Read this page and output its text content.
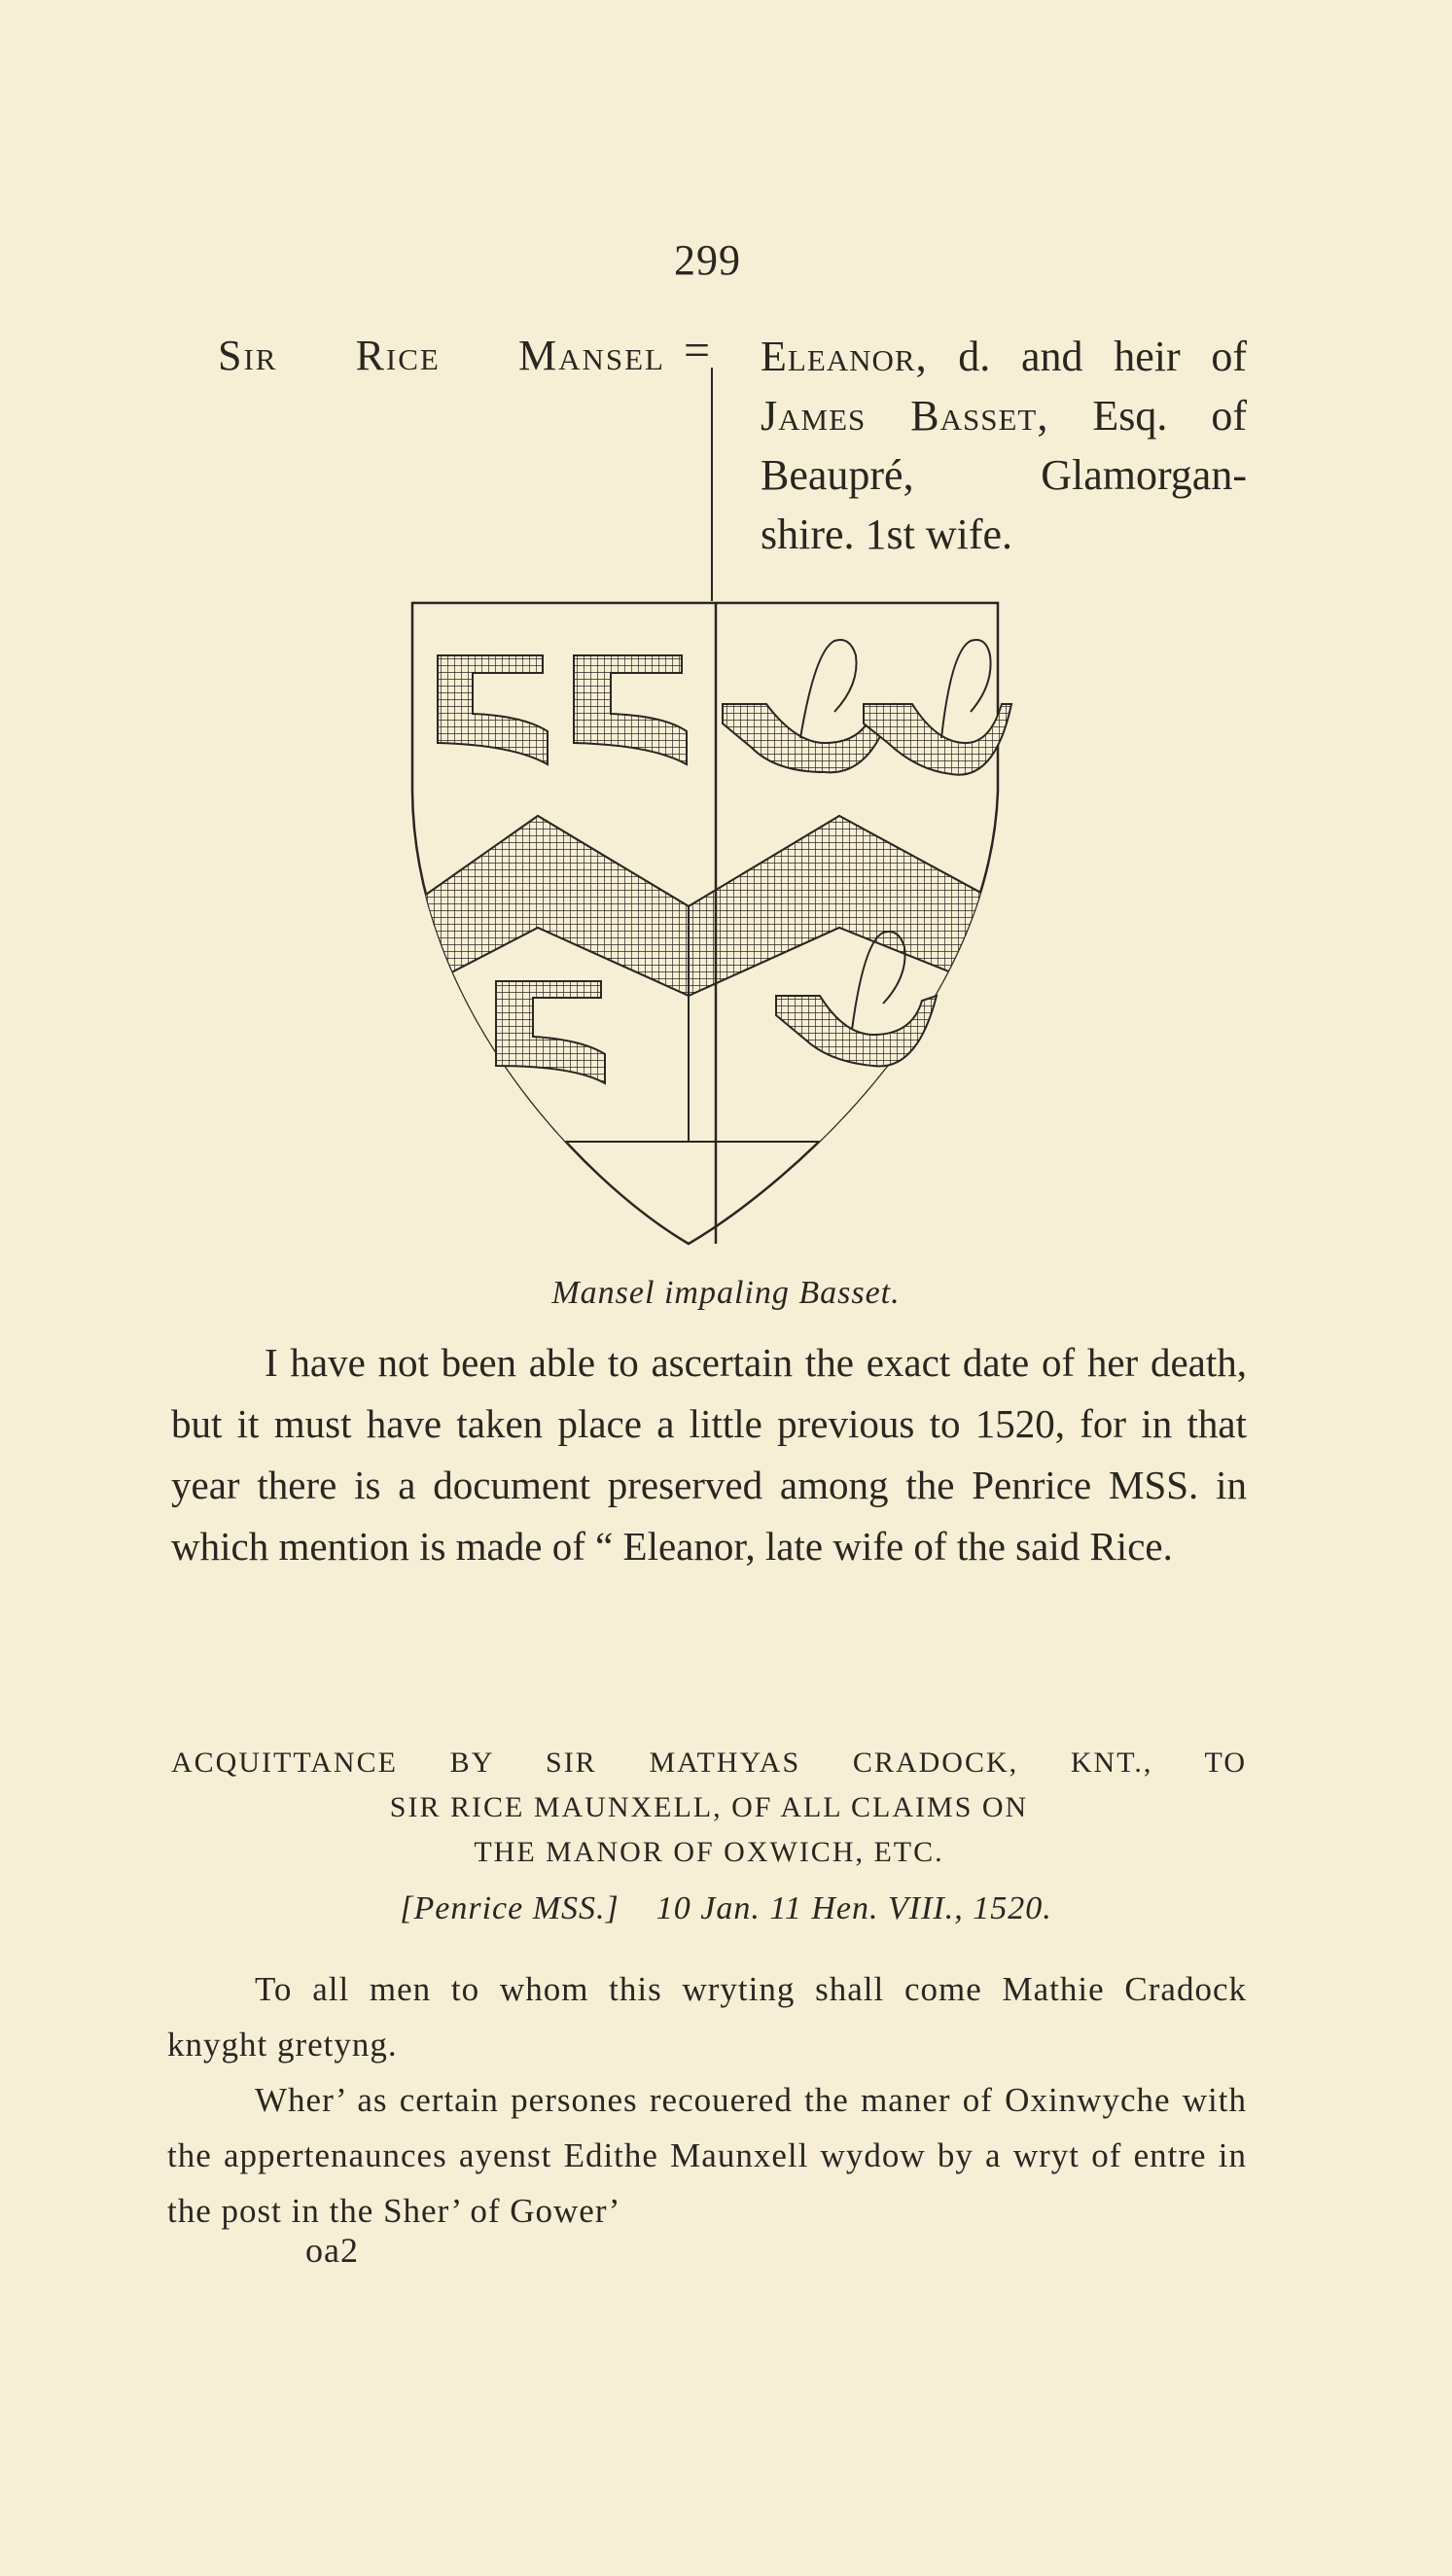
299
Sir Rice Mansel = Eleanor, d. and heir of
James Basset, Esq. of
Beaupré, Glamorgan-
shire. 1st wife.
Mansel impaling Basset.
I have not been able to ascertain the exact date of her death, but it must have taken place a little previous to 1520, for in that year there is a document preserved among the Penrice MSS. in which mention is made of “ Eleanor, late wife of the said Rice.
ACQUITTANCE BY SIR MATHYAS CRADOCK, KNT., TO
SIR RICE MAUNXELL, OF ALL CLAIMS ON
THE MANOR OF OXWICH, ETC.
[Penrice MSS.] 10 Jan. 11 Hen. VIII., 1520.

To all men to whom this wryting shall come Mathie Cradock knyght gretyng.

Wher’ as certain persones recouered the maner of Oxinwyche with the appertenaunces ayenst Edithe Maunxell wydow by a wryt of entre in the post in the Sher’ of Gower’

oa2
